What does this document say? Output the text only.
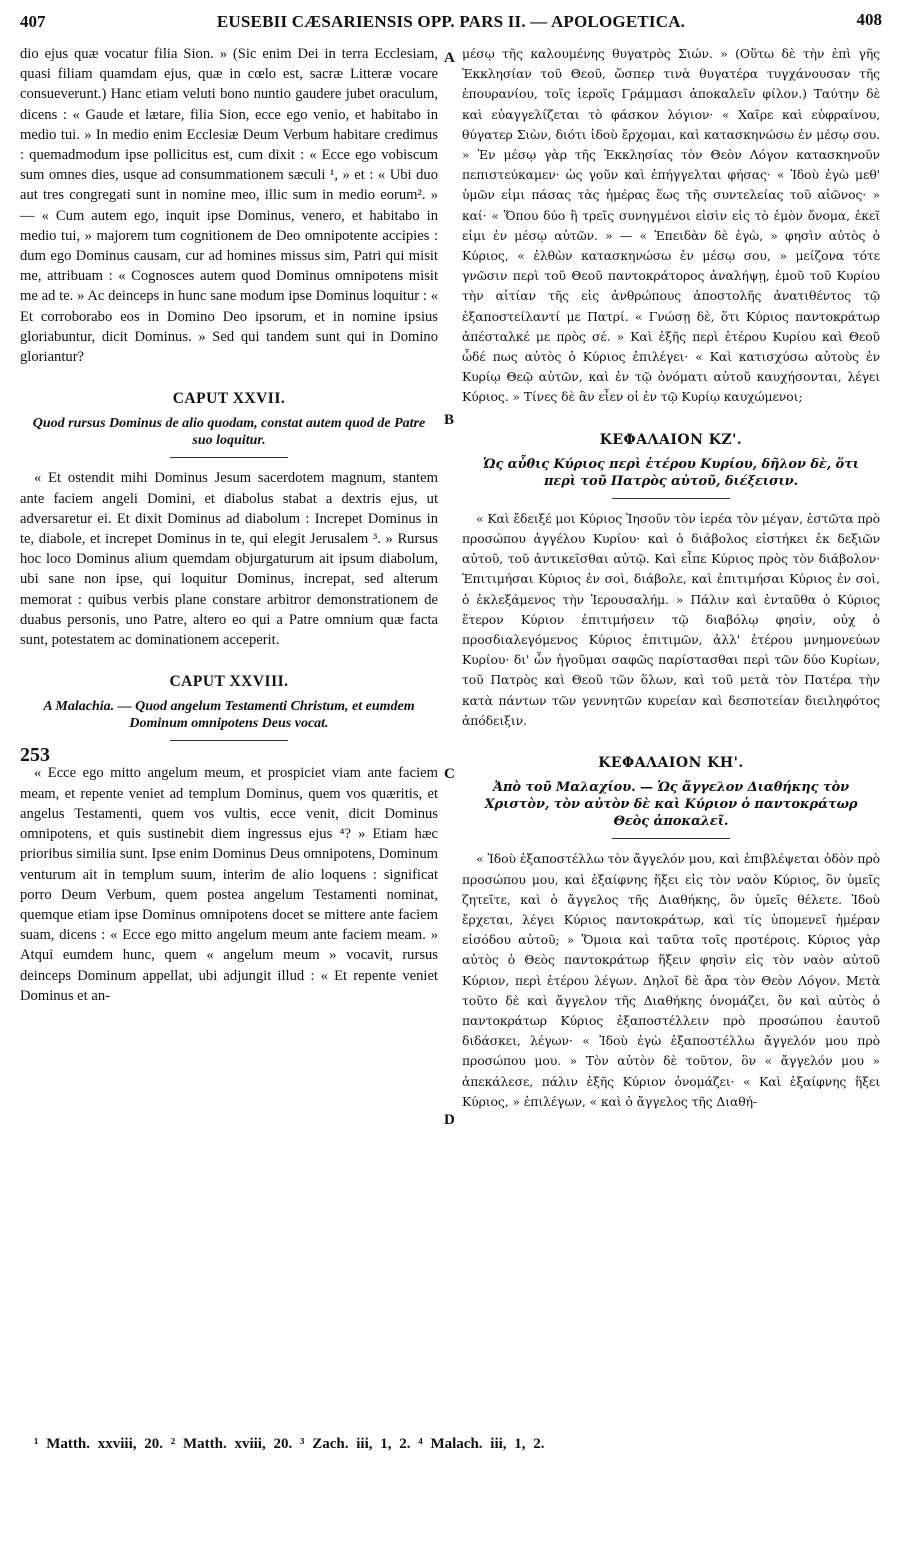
407	EUSEBII CÆSARIENSIS OPP. PARS II. — APOLOGETICA.	408

dio ejus quæ vocatur filia Sion. » (Sic enim Dei in terra Ecclesiam, quasi filiam quamdam ejus, quæ in cœlo est, sacræ Litteræ vocare consueverunt.) Hanc etiam veluti bono nuntio gaudere jubet oraculum, dicens : « Gaude et lætare, filia Sion, ecce ego venio, et habitabo in medio tui. » In medio enim Ecclesiæ Deum Verbum habitare credimus : quemadmodum ipse pollicitus est, cum dixit : « Ecce ego vobiscum sum omnes dies, usque ad consummationem sæculi ¹, » et : « Ubi duo aut tres congregati sunt in nomine meo, illic sum in medio eorum². » — « Cum autem ego, inquit ipse Dominus, venero, et habitabo in medio tui, » majorem tum cognitionem de Deo omnipotente accipies : dum ego Dominus causam, cur ad homines missus sim, Patri qui misit me, attribuam : « Cognosces autem quod Dominus omnipotens misit me ad te. » Ac deinceps in hunc sane modum ipse Dominus loquitur : « Et corroborabo eos in Domino Deo ipsorum, et in nomine ipsius gloriabuntur, dicit Dominus. » Sed qui tandem sunt qui in Domino gloriantur?

CAPUT XXVII.
Quod rursus Dominus de alio quodam, constat autem quod de Patre suo loquitur.

« Et ostendit mihi Dominus Jesum sacerdotem magnum, stantem ante faciem angeli Domini, et diabolus stabat a dextris ejus, ut adversaretur ei. Et dixit Dominus ad diabolum : Increpet Dominus in te, diabole, et increpet Dominus in te, qui elegit Jerusalem ³. » Rursus hoc loco Dominus alium quemdam objurgaturum ait ipsum diabolum, ubi sane non ipse, qui loquitur Dominus, increpat, sed alterum memorat : quibus verbis plane constare arbitror demonstrationem de duabus personis, uno Patre, altero eo qui a Patre omnium quæ facta sunt, potestatem ac dominationem acceperit.

CAPUT XXVIII.
A Malachia. — Quod angelum Testamenti Christum, et eumdem Dominum omnipotens Deus vocat.

« Ecce ego mitto angelum meum, et prospiciet viam ante faciem meam, et repente veniet ad templum Dominus, quem vos quæritis, et angelus Testamenti, quem vos vultis, ecce venit, dicit Dominus omnipotens, et quis sustinebit diem ingressus ejus ⁴? » Etiam hæc prioribus similia sunt. Ipse enim Dominus Deus omnipotens, Dominum venturum ait in templum suum, interim de alio loquens : significat porro Deum Verbum, quem postea angelum Testamenti nominat, quemque etiam ipse Dominus omnipotens docet se mittere ante faciem suam, dicens : « Ecce ego mitto angelum meum ante faciem meam. » Atqui eumdem hunc, quem « angelum meum » vocavit, rursus deinceps Dominum appellat, ubi adjungit illud : « Et repente veniet Dominus et an-

μέσῳ τῆς καλουμένης θυγατρὸς Σιών. » (Οὕτω δὲ τὴν ἐπὶ γῆς Ἐκκλησίαν τοῦ Θεοῦ, ὥσπερ τινὰ θυγατέρα τυγχάνουσαν τῆς ἐπουρανίου, τοῖς ἱεροῖς Γράμμασι ἀποκαλεῖν φίλον.) Ταύτην δὲ καὶ εὐαγγελίζεται τὸ φάσκον λόγιον· « Χαῖρε καὶ εὐφραίνου, θύγατερ Σιὼν, διότι ἰδοὺ ἔρχομαι, καὶ κατασκηνώσω ἐν μέσῳ σου. » Ἐν μέσῳ γὰρ τῆς Ἐκκλησίας τὸν Θεὸν Λόγον κατασκηνοῦν πεπιστεύκαμεν· ὡς γοῦν καὶ ἐπήγγελται φήσας· « Ἰδοὺ ἐγὼ μεθ' ὑμῶν εἰμι πάσας τὰς ἡμέρας ἕως τῆς συντελείας τοῦ αἰῶνος· » καί· « Ὅπου δύο ἢ τρεῖς συνηγμένοι εἰσὶν εἰς τὸ ἐμὸν ὄνομα, ἐκεῖ εἰμι ἐν μέσῳ αὐτῶν. » — « Ἐπειδὰν δὲ ἐγὼ, » φησὶν αὐτὸς ὁ Κύριος, « ἐλθὼν κατασκηνώσω ἐν μέσῳ σου, » μείζονα τότε γνῶσιν περὶ τοῦ Θεοῦ παντοκράτορος ἀναλήψῃ, ἐμοῦ τοῦ Κυρίου τὴν αἰτίαν τῆς εἰς ἀνθρώπους ἀποστολῆς ἀνατιθέντος τῷ ἐξαποστείλαντί με Πατρί. « Γνώσῃ δὲ, ὅτι Κύριος παντοκράτωρ ἀπέσταλκέ με πρὸς σέ. » Καὶ ἑξῆς περὶ ἑτέρου Κυρίου καὶ Θεοῦ ὧδέ πως αὐτὸς ὁ Κύριος ἐπιλέγει· « Καὶ κατισχύσω αὐτοὺς ἐν Κυρίῳ Θεῷ αὐτῶν, καὶ ἐν τῷ ὀνόματι αὐτοῦ καυχήσονται, λέγει Κύριος. » Τίνες δὲ ἂν εἶεν οἱ ἐν τῷ Κυρίῳ καυχώμενοι;

ΚΕΦΑΛΑΙΟΝ ΚΖ'.
Ὡς αὖθις Κύριος περὶ ἑτέρου Κυρίου, δῆλον δὲ, ὅτι περὶ τοῦ Πατρὸς αὐτοῦ, διέξεισιν.

« Καὶ ἔδειξέ μοι Κύριος Ἰησοῦν τὸν ἱερέα τὸν μέγαν, ἑστῶτα πρὸ προσώπου ἀγγέλου Κυρίου· καὶ ὁ διάβολος εἱστήκει ἐκ δεξιῶν αὐτοῦ, τοῦ ἀντικεῖσθαι αὐτῷ. Καὶ εἶπε Κύριος πρὸς τὸν διάβολον· Ἐπιτιμήσαι Κύριος ἐν σοὶ, διάβολε, καὶ ἐπιτιμήσαι Κύριος ἐν σοὶ, ὁ ἐκλεξάμενος τὴν Ἱερουσαλήμ. » Πάλιν καὶ ἐνταῦθα ὁ Κύριος ἕτερον Κύριον ἐπιτιμήσειν τῷ διαβόλῳ φησὶν, οὐχ ὁ προσδιαλεγόμενος Κύριος ἐπιτιμῶν, ἀλλ' ἑτέρου μνημονεύων Κυρίου· δι' ὧν ἡγοῦμαι σαφῶς παρίστασθαι περὶ τῶν δύο Κυρίων, τοῦ Πατρὸς καὶ Θεοῦ τῶν ὅλων, καὶ τοῦ μετὰ τὸν Πατέρα τὴν κατὰ πάντων τῶν γεννητῶν κυρείαν καὶ δεσποτείαν διειληφότος ἀπόδειξιν.

ΚΕΦΑΛΑΙΟΝ ΚΗ'.
Ἀπὸ τοῦ Μαλαχίου. — Ὡς ἄγγελον Διαθήκης τὸν Χριστὸν, τὸν αὐτὸν δὲ καὶ Κύριον ὁ παντοκράτωρ Θεὸς ἀποκαλεῖ.

« Ἰδοὺ ἐξαποστέλλω τὸν ἄγγελόν μου, καὶ ἐπιβλέψεται ὁδὸν πρὸ προσώπου μου, καὶ ἐξαίφνης ἥξει εἰς τὸν ναὸν Κύριος, ὃν ὑμεῖς ζητεῖτε, καὶ ὁ ἄγγελος τῆς Διαθήκης, ὃν ὑμεῖς θέλετε. Ἰδοὺ ἔρχεται, λέγει Κύριος παντοκράτωρ, καὶ τίς ὑπομενεῖ ἡμέραν εἰσόδου αὐτοῦ; » Ὅμοια καὶ ταῦτα τοῖς προτέροις. Κύριος γὰρ αὐτὸς ὁ Θεὸς παντοκράτωρ ἥξειν φησὶν εἰς τὸν ναὸν αὐτοῦ Κύριον, περὶ ἑτέρου λέγων. Δηλοῖ δὲ ἄρα τὸν Θεὸν Λόγον. Μετὰ τοῦτο δὲ καὶ ἄγγελον τῆς Διαθήκης ὀνομάζει, ὃν καὶ αὐτὸς ὁ παντοκράτωρ Κύριος ἐξαποστέλλειν πρὸ προσώπου ἑαυτοῦ διδάσκει, λέγων· « Ἰδοὺ ἐγὼ ἐξαποστέλλω ἄγγελόν μου πρὸ προσώπου μου. » Τὸν αὐτὸν δὲ τοῦτον, ὃν « ἄγγελόν μου » ἀπεκάλεσε, πάλιν ἑξῆς Κύριον ὀνομάζει· « Καὶ ἐξαίφνης ἥξει Κύριος, » ἐπιλέγων, « καὶ ὁ ἄγγελος τῆς Διαθή-

A
B
C
D
253
¹ Matth. xxviii, 20. ² Matth. xviii, 20. ³ Zach. iii, 1, 2. ⁴ Malach. iii, 1, 2.
